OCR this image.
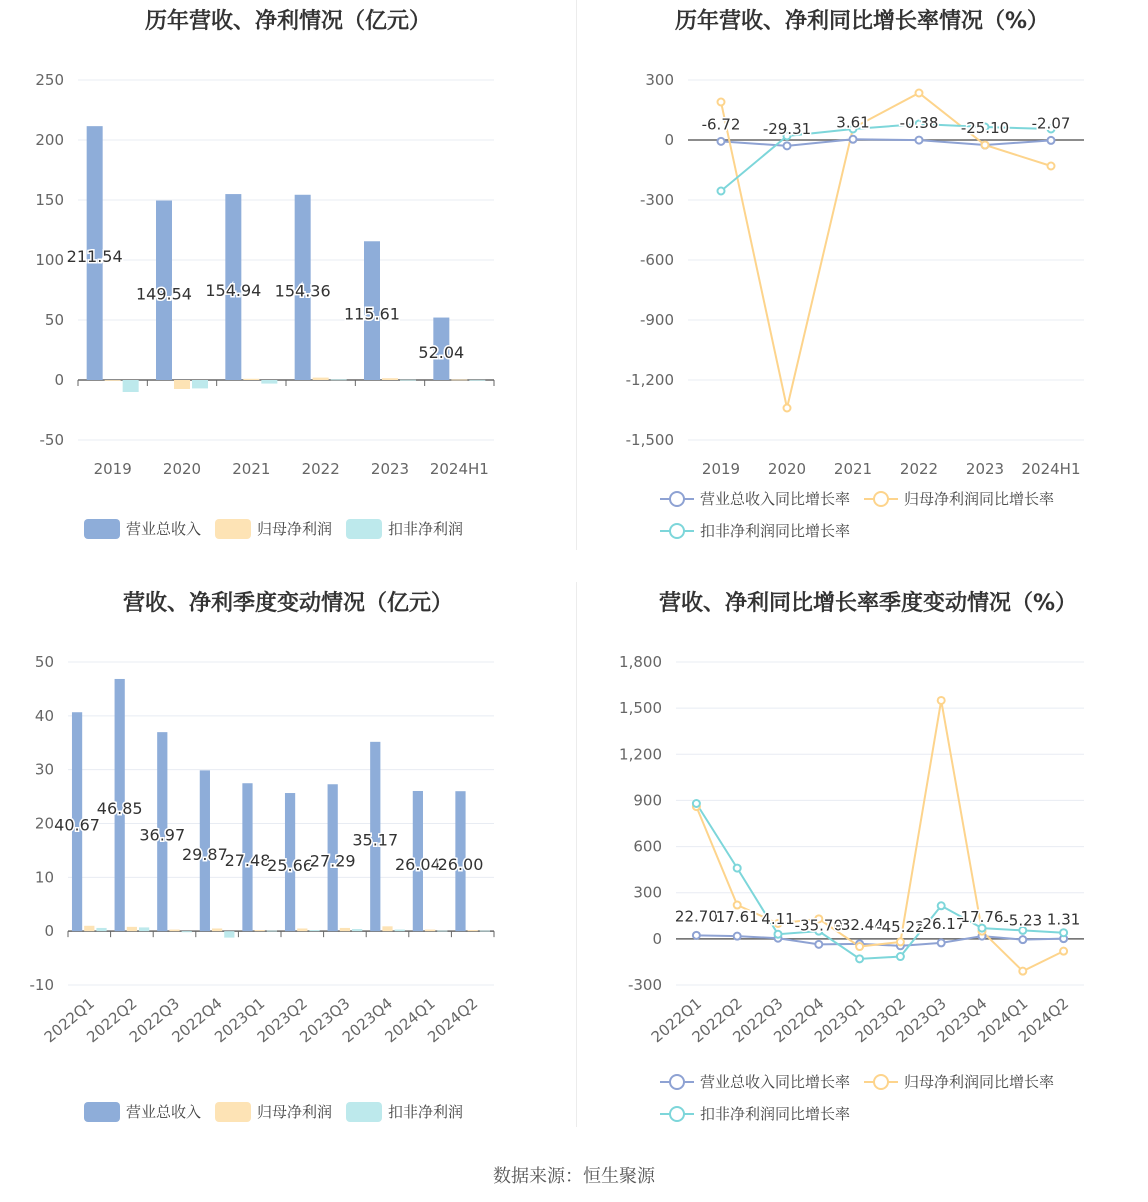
历年营收、净利情况（亿元）
250
200
150
100
50
0
-50
2019 2020 2021 2022 2023 2024H1
211.54
149.54 154.94 154.36
115.61
52.04
营业总收入	归母净利润	扣非净利润
历年营收、净利同比增长率情况（%）
300
0
-300
-600
-900
-1,200
-1,500
2019 2020 2021 2022 2023 2024H1
-6.72 -29.31 3.61 -0.38 -25.10 -2.07
营业总收入同比增长率	归母净利润同比增长率
扣非净利润同比增长率
营收、净利季度变动情况（亿元）
50
40
30
20
10
0
-10
2022Q1
2022Q2
2022Q3
2022Q4
2023Q1
2023Q2
2023Q3
2023Q4
2024Q1
2024Q2
40.67
46.85
36.97
29.87
27.48
25.66
27.29
35.17
26.04
26.00
营业总收入	归母净利润	扣非净利润
营收、净利同比增长率季度变动情况（%）
1,800
1,500
1,200
900
600
300
0
-300
2022Q1
2022Q2
2022Q3
2022Q4
2023Q1
2023Q2
2023Q3
2023Q4
2024Q1
2024Q2
22.70
17.61 4.11 -35.70
-32.44
-45.22
-26.17
17.76 -5.23 1.31
营业总收入同比增长率	归母净利润同比增长率
扣非净利润同比增长率
数据来源：恒生聚源
